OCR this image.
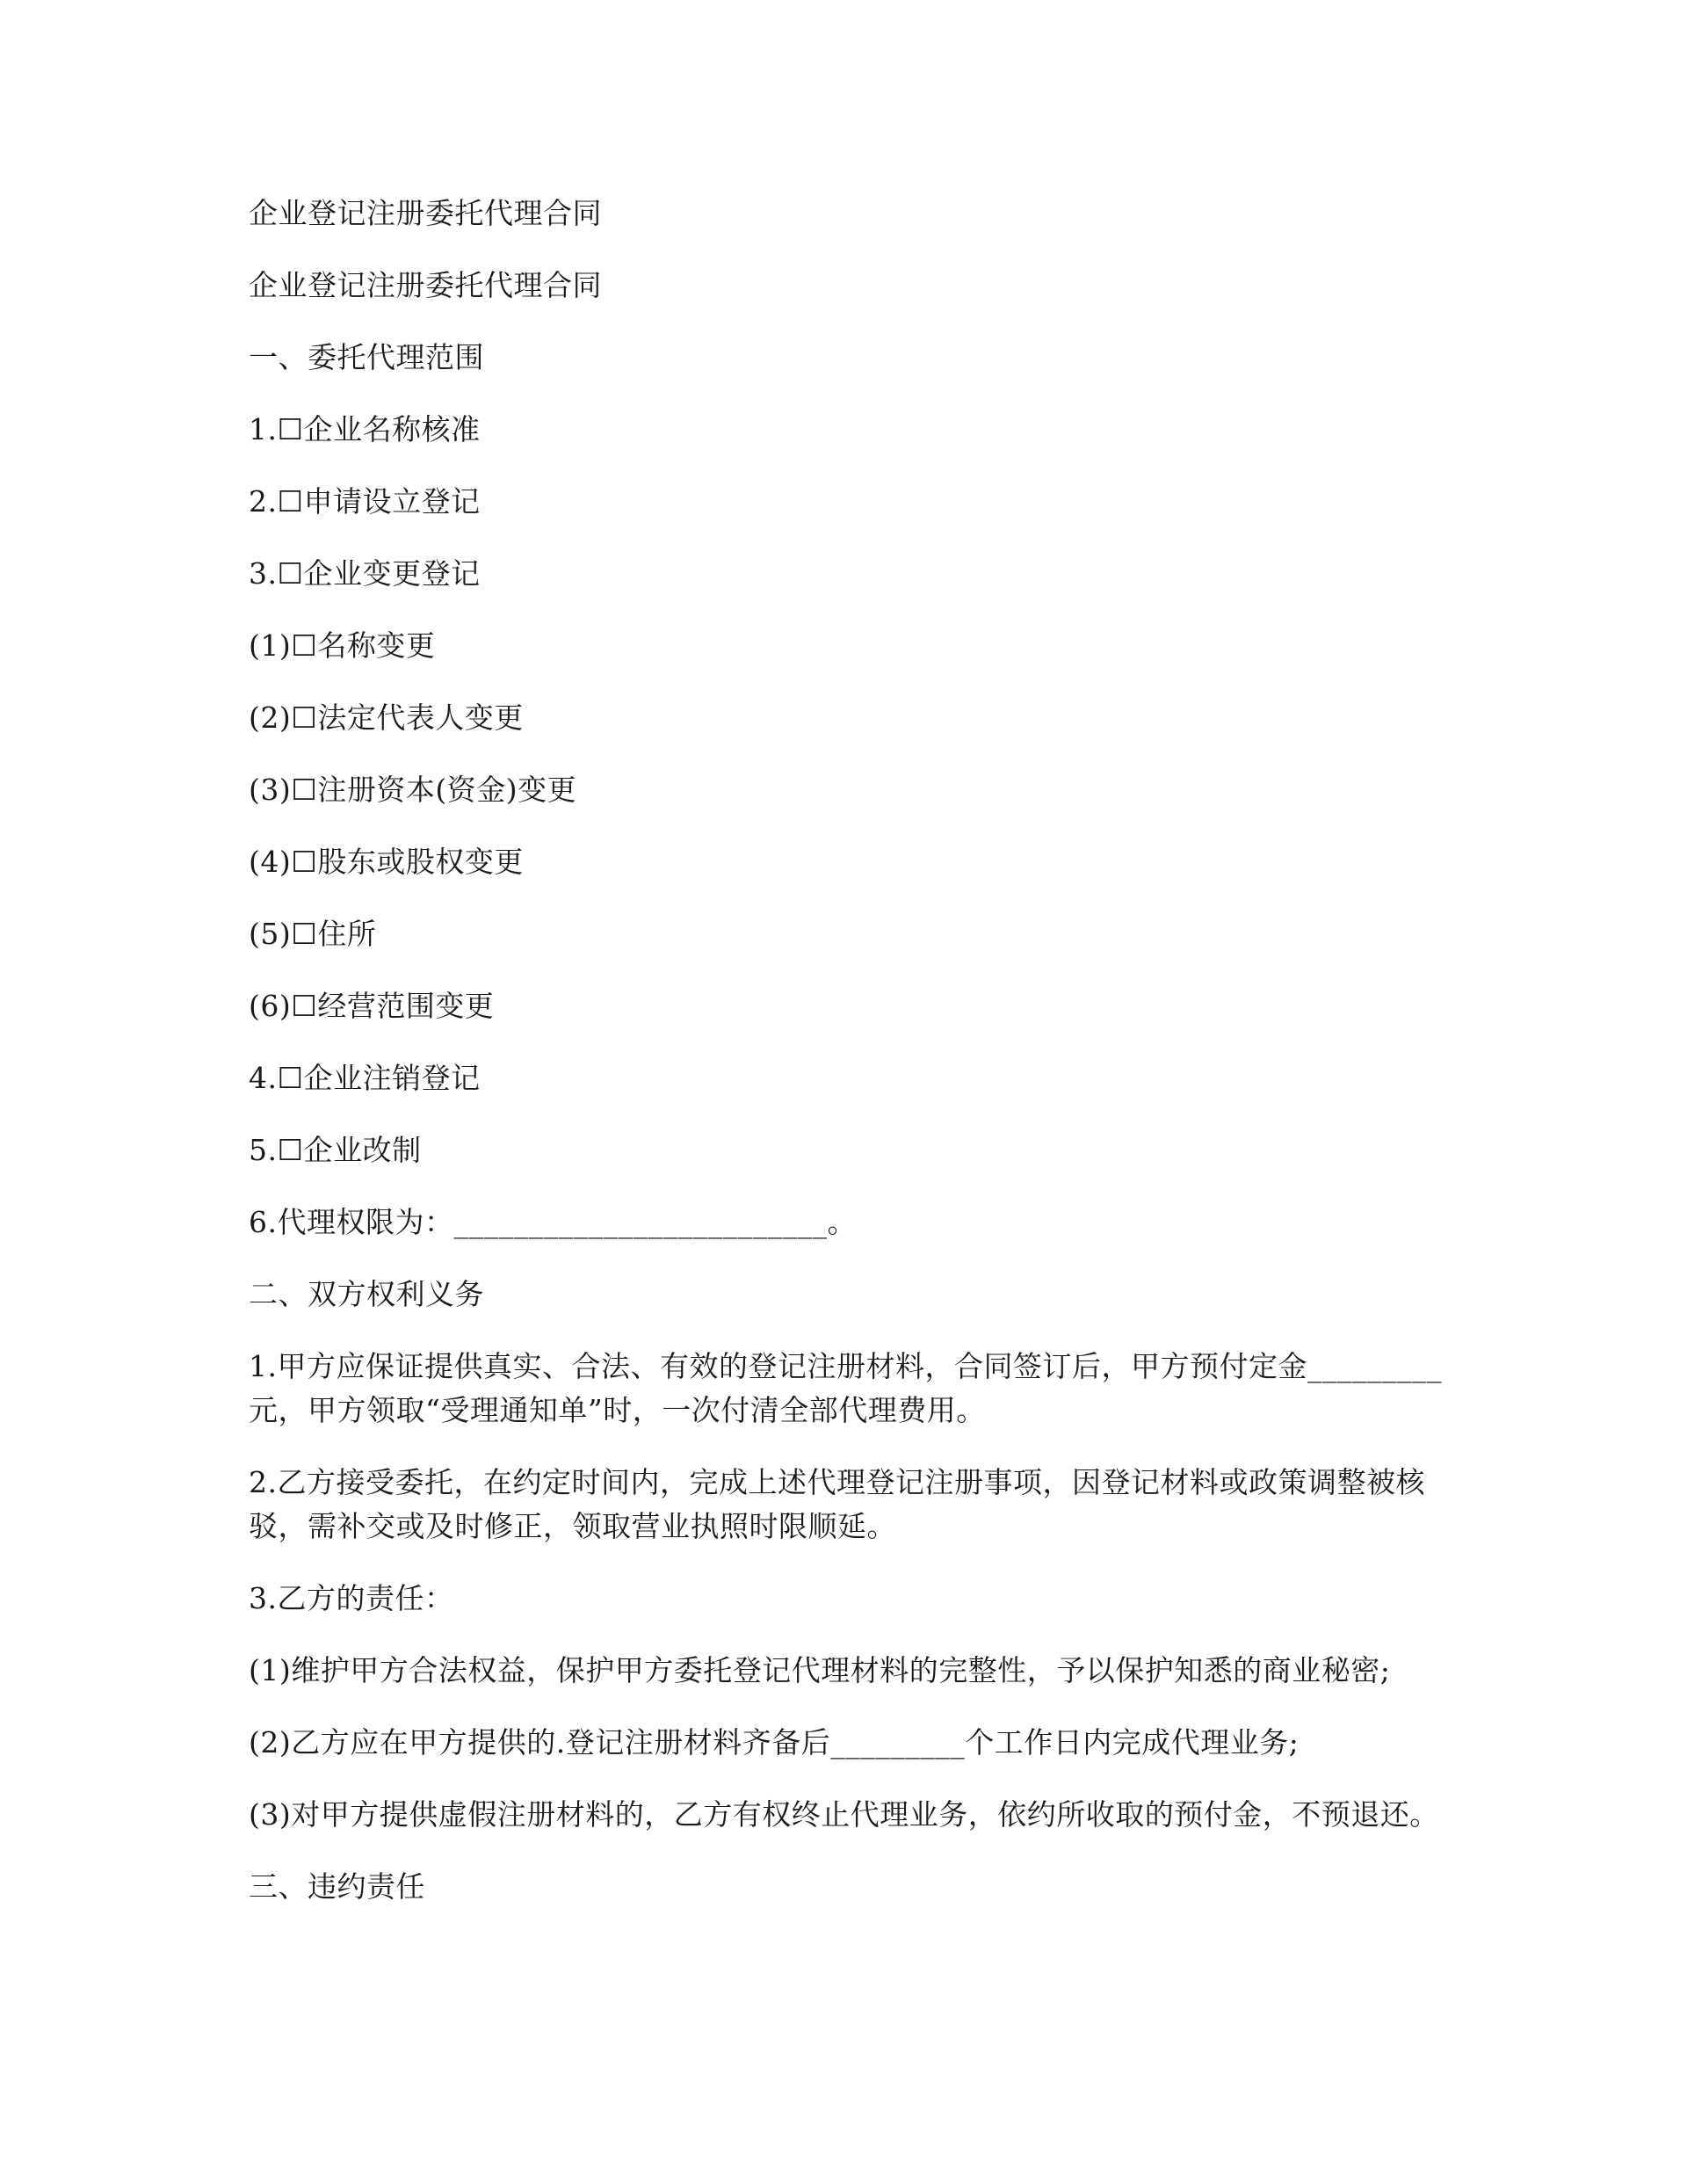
企业登记注册委托代理合同
企业登记注册委托代理合同
一、委托代理范围
1.☐企业名称核准
2.☐申请设立登记
3.☐企业变更登记
(1)☐名称变更
(2)☐法定代表人变更
(3)☐注册资本(资金)变更
(4)☐股东或股权变更
(5)☐住所
(6)☐经营范围变更
4.☐企业注销登记
5.☐企业改制
6.代理权限为：_________________________。
二、双方权利义务
1.甲方应保证提供真实、合法、有效的登记注册材料，合同签订后，甲方预付定金_________元，甲方领取“受理通知单”时，一次付清全部代理费用。
2.乙方接受委托，在约定时间内，完成上述代理登记注册事项，因登记材料或政策调整被核驳，需补交或及时修正，领取营业执照时限顺延。
3.乙方的责任：
(1)维护甲方合法权益，保护甲方委托登记代理材料的完整性，予以保护知悉的商业秘密;
(2)乙方应在甲方提供的.登记注册材料齐备后_________个工作日内完成代理业务;
(3)对甲方提供虚假注册材料的，乙方有权终止代理业务，依约所收取的预付金，不预退还。
三、违约责任
